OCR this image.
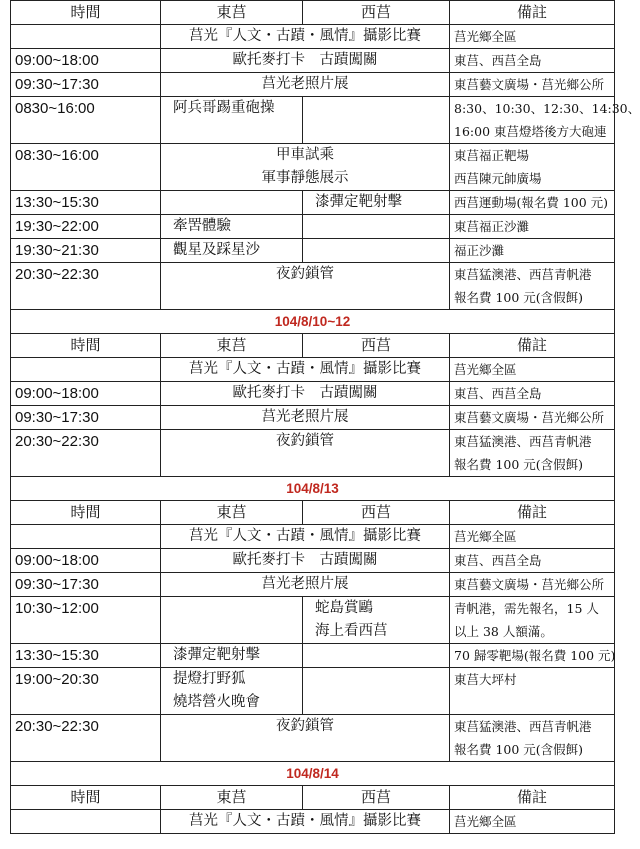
時間	東莒	西莒	備註

	莒光『人文・古蹟・風情』攝影比賽		莒光鄉全區

09:00~18:00	歐托麥打卡　古蹟闖關		東莒、西莒全島

09:30~17:30	莒光老照片展		東莒藝文廣場・莒光鄉公所

0830~16:00	阿兵哥踢重砲操		8:30、10:30、12:30、14:30、
16:00 東莒燈塔後方大砲連

08:30~16:00	甲車試乘
軍事靜態展示		東莒福正靶場
西莒陳元帥廣場

13:30~15:30		漆彈定靶射擊	西莒運動場(報名費 100 元)

19:30~22:00	牽罟體驗		東莒福正沙灘

19:30~21:30	觀星及踩星沙		福正沙灘

20:30~22:30	夜釣鎖管		東莒猛澳港、西莒青帆港
報名費 100 元(含假餌)

104/8/10~12			
時間	東莒	西莒	備註

	莒光『人文・古蹟・風情』攝影比賽		莒光鄉全區

09:00~18:00	歐托麥打卡　古蹟闖關		東莒、西莒全島

09:30~17:30	莒光老照片展		東莒藝文廣場・莒光鄉公所

20:30~22:30	夜釣鎖管		東莒猛澳港、西莒青帆港
報名費 100 元(含假餌)

104/8/13			
時間	東莒	西莒	備註

	莒光『人文・古蹟・風情』攝影比賽		莒光鄉全區

09:00~18:00	歐托麥打卡　古蹟闖關		東莒、西莒全島

09:30~17:30	莒光老照片展		東莒藝文廣場・莒光鄉公所

10:30~12:00		蛇島賞鷗
海上看西莒	青帆港，需先報名，15 人
以上 38 人額滿。

13:30~15:30	漆彈定靶射擊		70 歸零靶場(報名費 100 元)

19:00~20:30	提燈打野狐
燒塔營火晚會		東莒大坪村

20:30~22:30	夜釣鎖管		東莒猛澳港、西莒青帆港
報名費 100 元(含假餌)

104/8/14			
時間	東莒	西莒	備註

	莒光『人文・古蹟・風情』攝影比賽		莒光鄉全區
